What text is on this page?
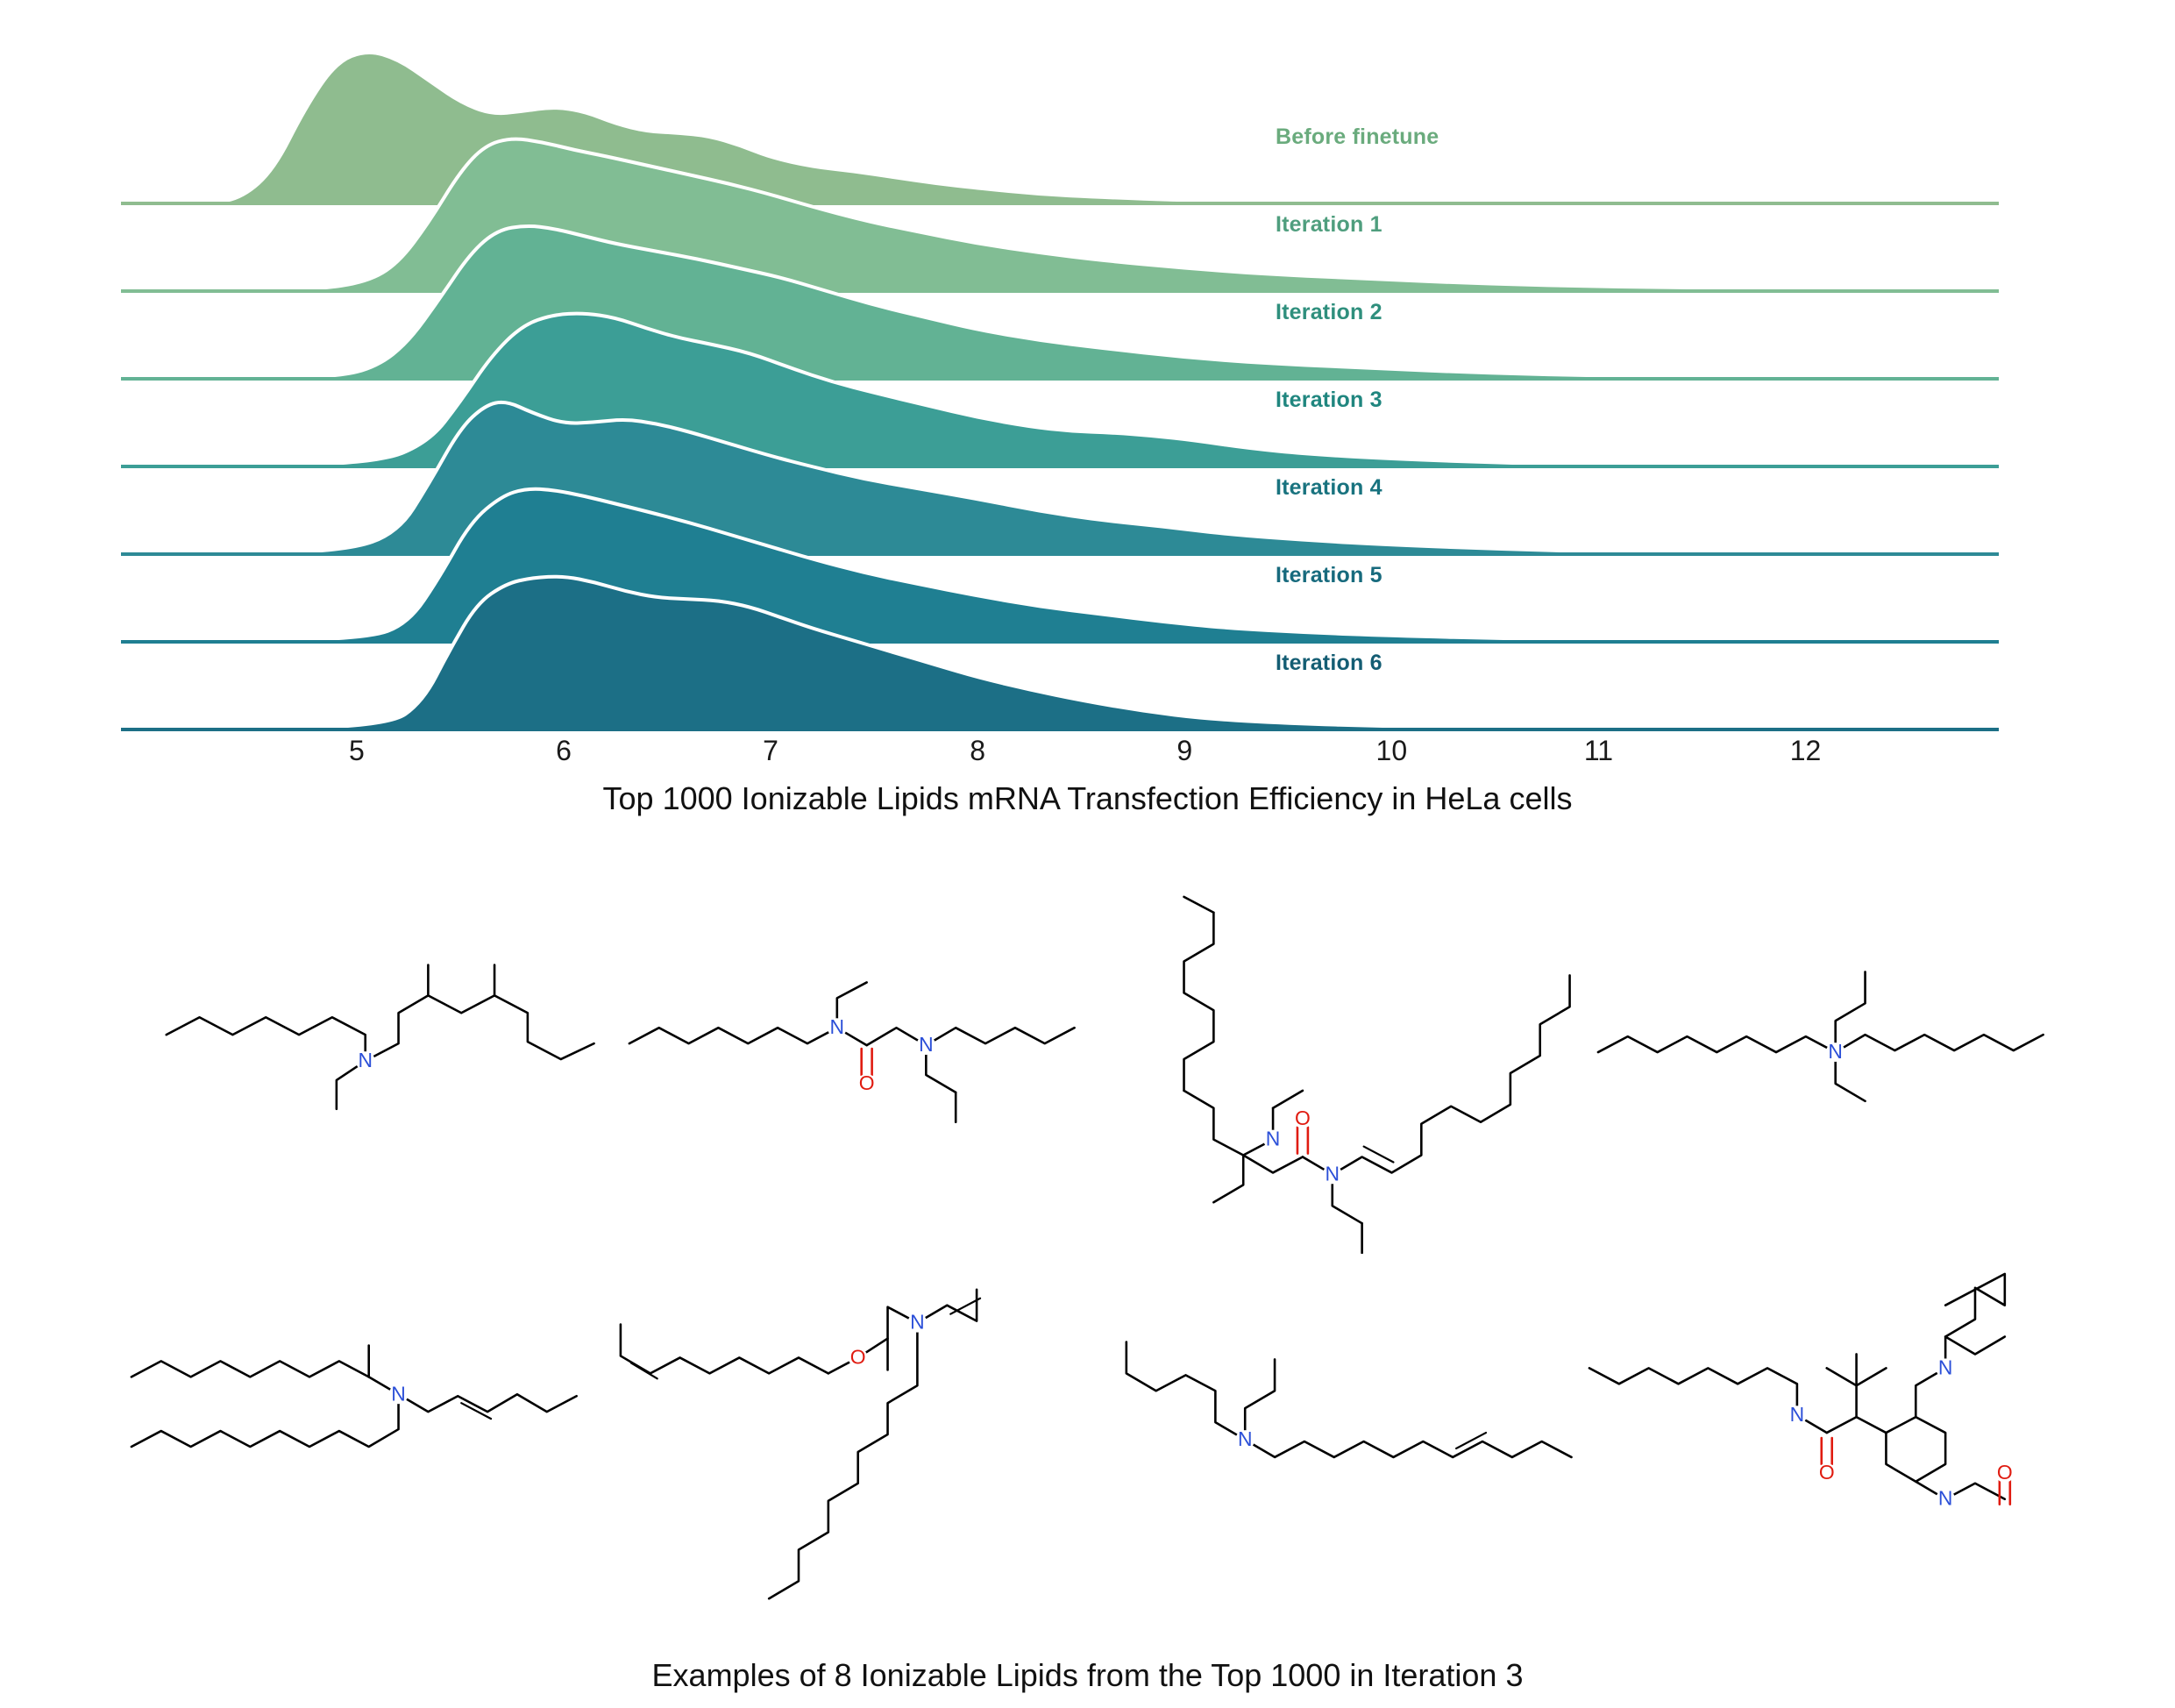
Before finetune
Iteration 1
Iteration 2
Iteration 3
Iteration 4
Iteration 5
Iteration 6
5	6	7	8	9	10	11	12
Top 1000 Ionizable Lipids mRNA Transfection Efficiency in HeLa cells
N
N
N
O
N
N
O
N
N
O
N
N
O	O
N
N
N
Examples of 8 Ionizable Lipids from the Top 1000 in Iteration 3
